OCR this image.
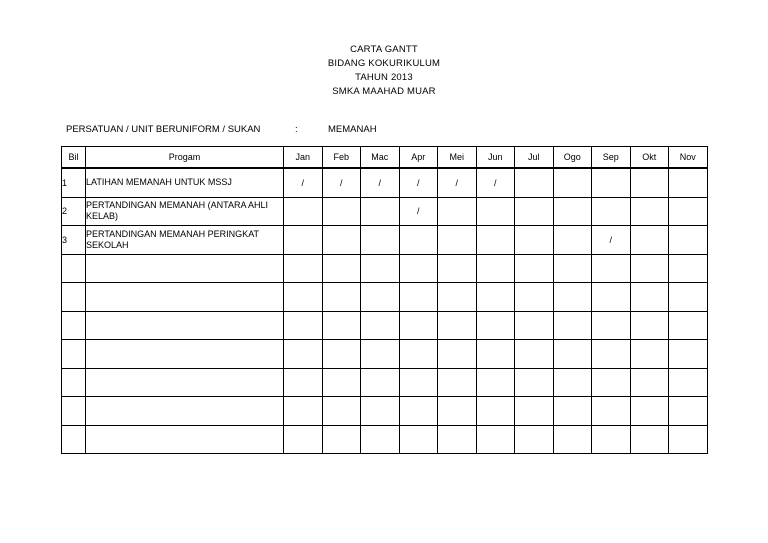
CARTA GANTT
BIDANG KOKURIKULUM
TAHUN 2013
SMKA MAAHAD MUAR
PERSATUAN / UNIT BERUNIFORM / SUKAN	:	MEMANAH
Bil	Progam	Jan	Feb	Mac	Apr	Mei	Jun	Jul	Ogo	Sep	Okt	Nov
1	LATIHAN MEMANAH UNTUK MSSJ	/	/	/	/	/	/					
2	PERTANDINGAN MEMANAH (ANTARA AHLI KELAB)				/							
3	PERTANDINGAN MEMANAH PERINGKAT SEKOLAH									/		
